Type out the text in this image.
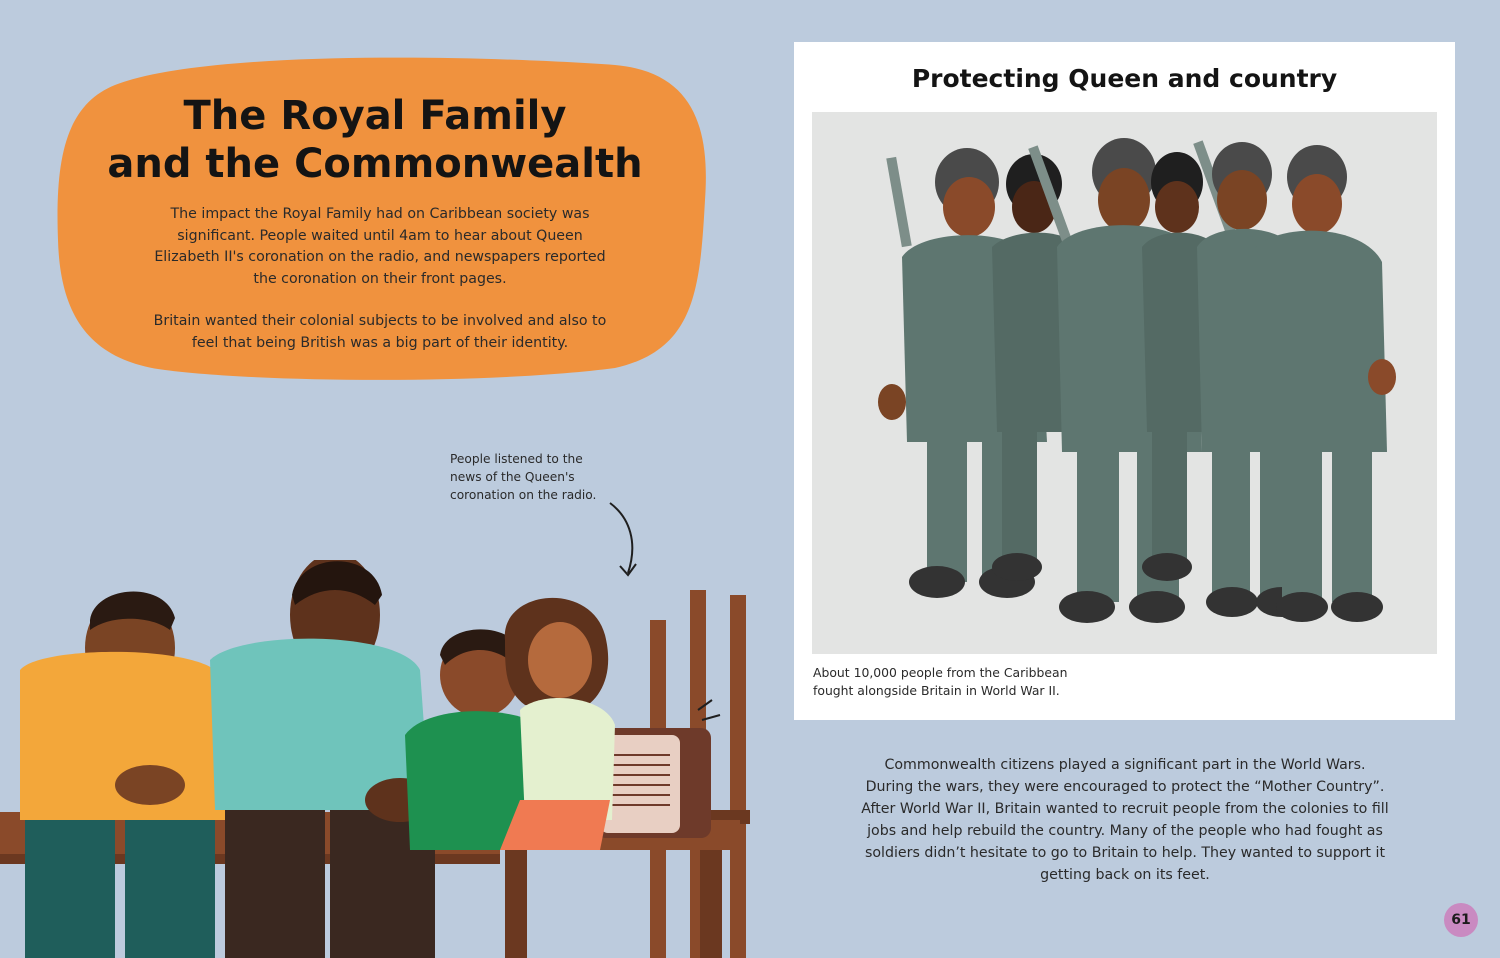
The Royal Family
and the Commonwealth

The impact the Royal Family had on Caribbean society was significant. People waited until 4am to hear about Queen Elizabeth II's coronation on the radio, and newspapers reported the coronation on their front pages.

Britain wanted their colonial subjects to be involved and also to feel that being British was a big part of their identity.

People listened to the
news of the Queen's
coronation on the radio.
Protecting Queen and country
About 10,000 people from the Caribbean
fought alongside Britain in World War II.

Commonwealth citizens played a significant part in the World Wars. During the wars, they were encouraged to protect the “Mother Country”. After World War II, Britain wanted to recruit people from the colonies to fill jobs and help rebuild the country. Many of the people who had fought as soldiers didn’t hesitate to go to Britain to help. They wanted to support it getting back on its feet.

61
